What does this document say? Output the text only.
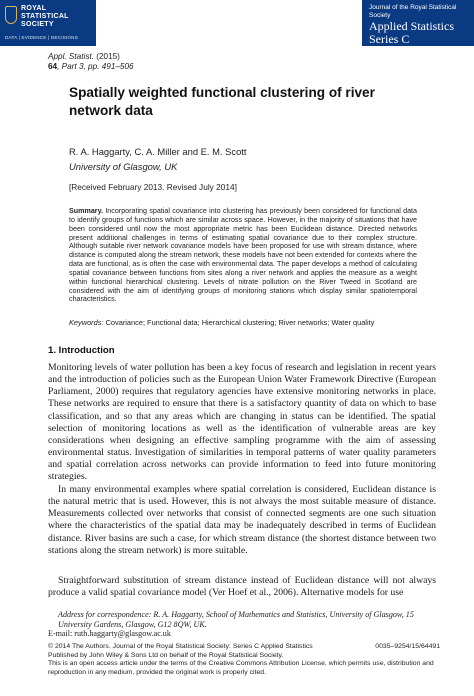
ROYAL
STATISTICAL
SOCIETY
DATA | EVIDENCE | DECISIONS
Journal of the Royal Statistical Society
Applied Statistics
Series C
Appl. Statist. (2015)
64, Part 3, pp. 491–506
Spatially weighted functional clustering of river network data
R. A. Haggarty, C. A. Miller and E. M. Scott
University of Glasgow, UK
[Received February 2013. Revised July 2014]
Summary. Incorporating spatial covariance into clustering has previously been considered for functional data to identify groups of functions which are similar across space. However, in the majority of situations that have been considered until now the most appropriate metric has been Euclidean distance. Directed networks present additional challenges in terms of estimating spatial covariance due to their complex structure. Although suitable river network covariance models have been proposed for use with stream distance, where distance is computed along the stream network, these models have not been extended for contexts where the data are functional, as is often the case with environmental data. The paper develops a method of calculating spatial covariance between functions from sites along a river network and applies the measure as a weight within functional hierarchical clustering. Levels of nitrate pollution on the River Tweed in Scotland are considered with the aim of identifying groups of monitoring stations which display similar spatiotemporal characteristics.
Keywords: Covariance; Functional data; Hierarchical clustering; River networks; Water quality
1. Introduction
Monitoring levels of water pollution has been a key focus of research and legislation in recent years and the introduction of policies such as the European Union Water Framework Directive (European Parliament, 2000) requires that regulatory agencies have extensive monitoring networks in place. These networks are required to ensure that there is a satisfactory quantity of data on which to base classification, and so that any areas which are changing in status can be identified. The spatial selection of monitoring locations as well as the identification of vulnerable areas are key considerations when designing an effective sampling programme with the aim of assessing environmental status. Investigation of similarities in temporal patterns of water quality parameters and spatial correlation across networks can provide information to feed into future monitoring strategies.
In many environmental examples where spatial correlation is considered, Euclidean distance is the natural metric that is used. However, this is not always the most suitable measure of distance. Measurements collected over networks that consist of connected segments are one such situation where the characteristics of the spatial data may be inadequately described in terms of Euclidean distance. River basins are such a case, for which stream distance (the shortest distance between two stations along the stream network) is more suitable.
Straightforward substitution of stream distance instead of Euclidean distance will not always produce a valid spatial covariance model (Ver Hoef et al., 2006). Alternative models for use
Address for correspondence: R. A. Haggarty, School of Mathematics and Statistics, University of Glasgow, 15 University Gardens, Glasgow, G12 8QW, UK.
E-mail: ruth.haggarty@glasgow.ac.uk
© 2014 The Authors. Journal of the Royal Statistical Society: Series C Applied Statistics	0035–9254/15/64491
Published by John Wiley & Sons Ltd on behalf of the Royal Statistical Society.
This is an open access article under the terms of the Creative Commons Attribution License, which permits use, distribution and reproduction in any medium, provided the original work is properly cited.
